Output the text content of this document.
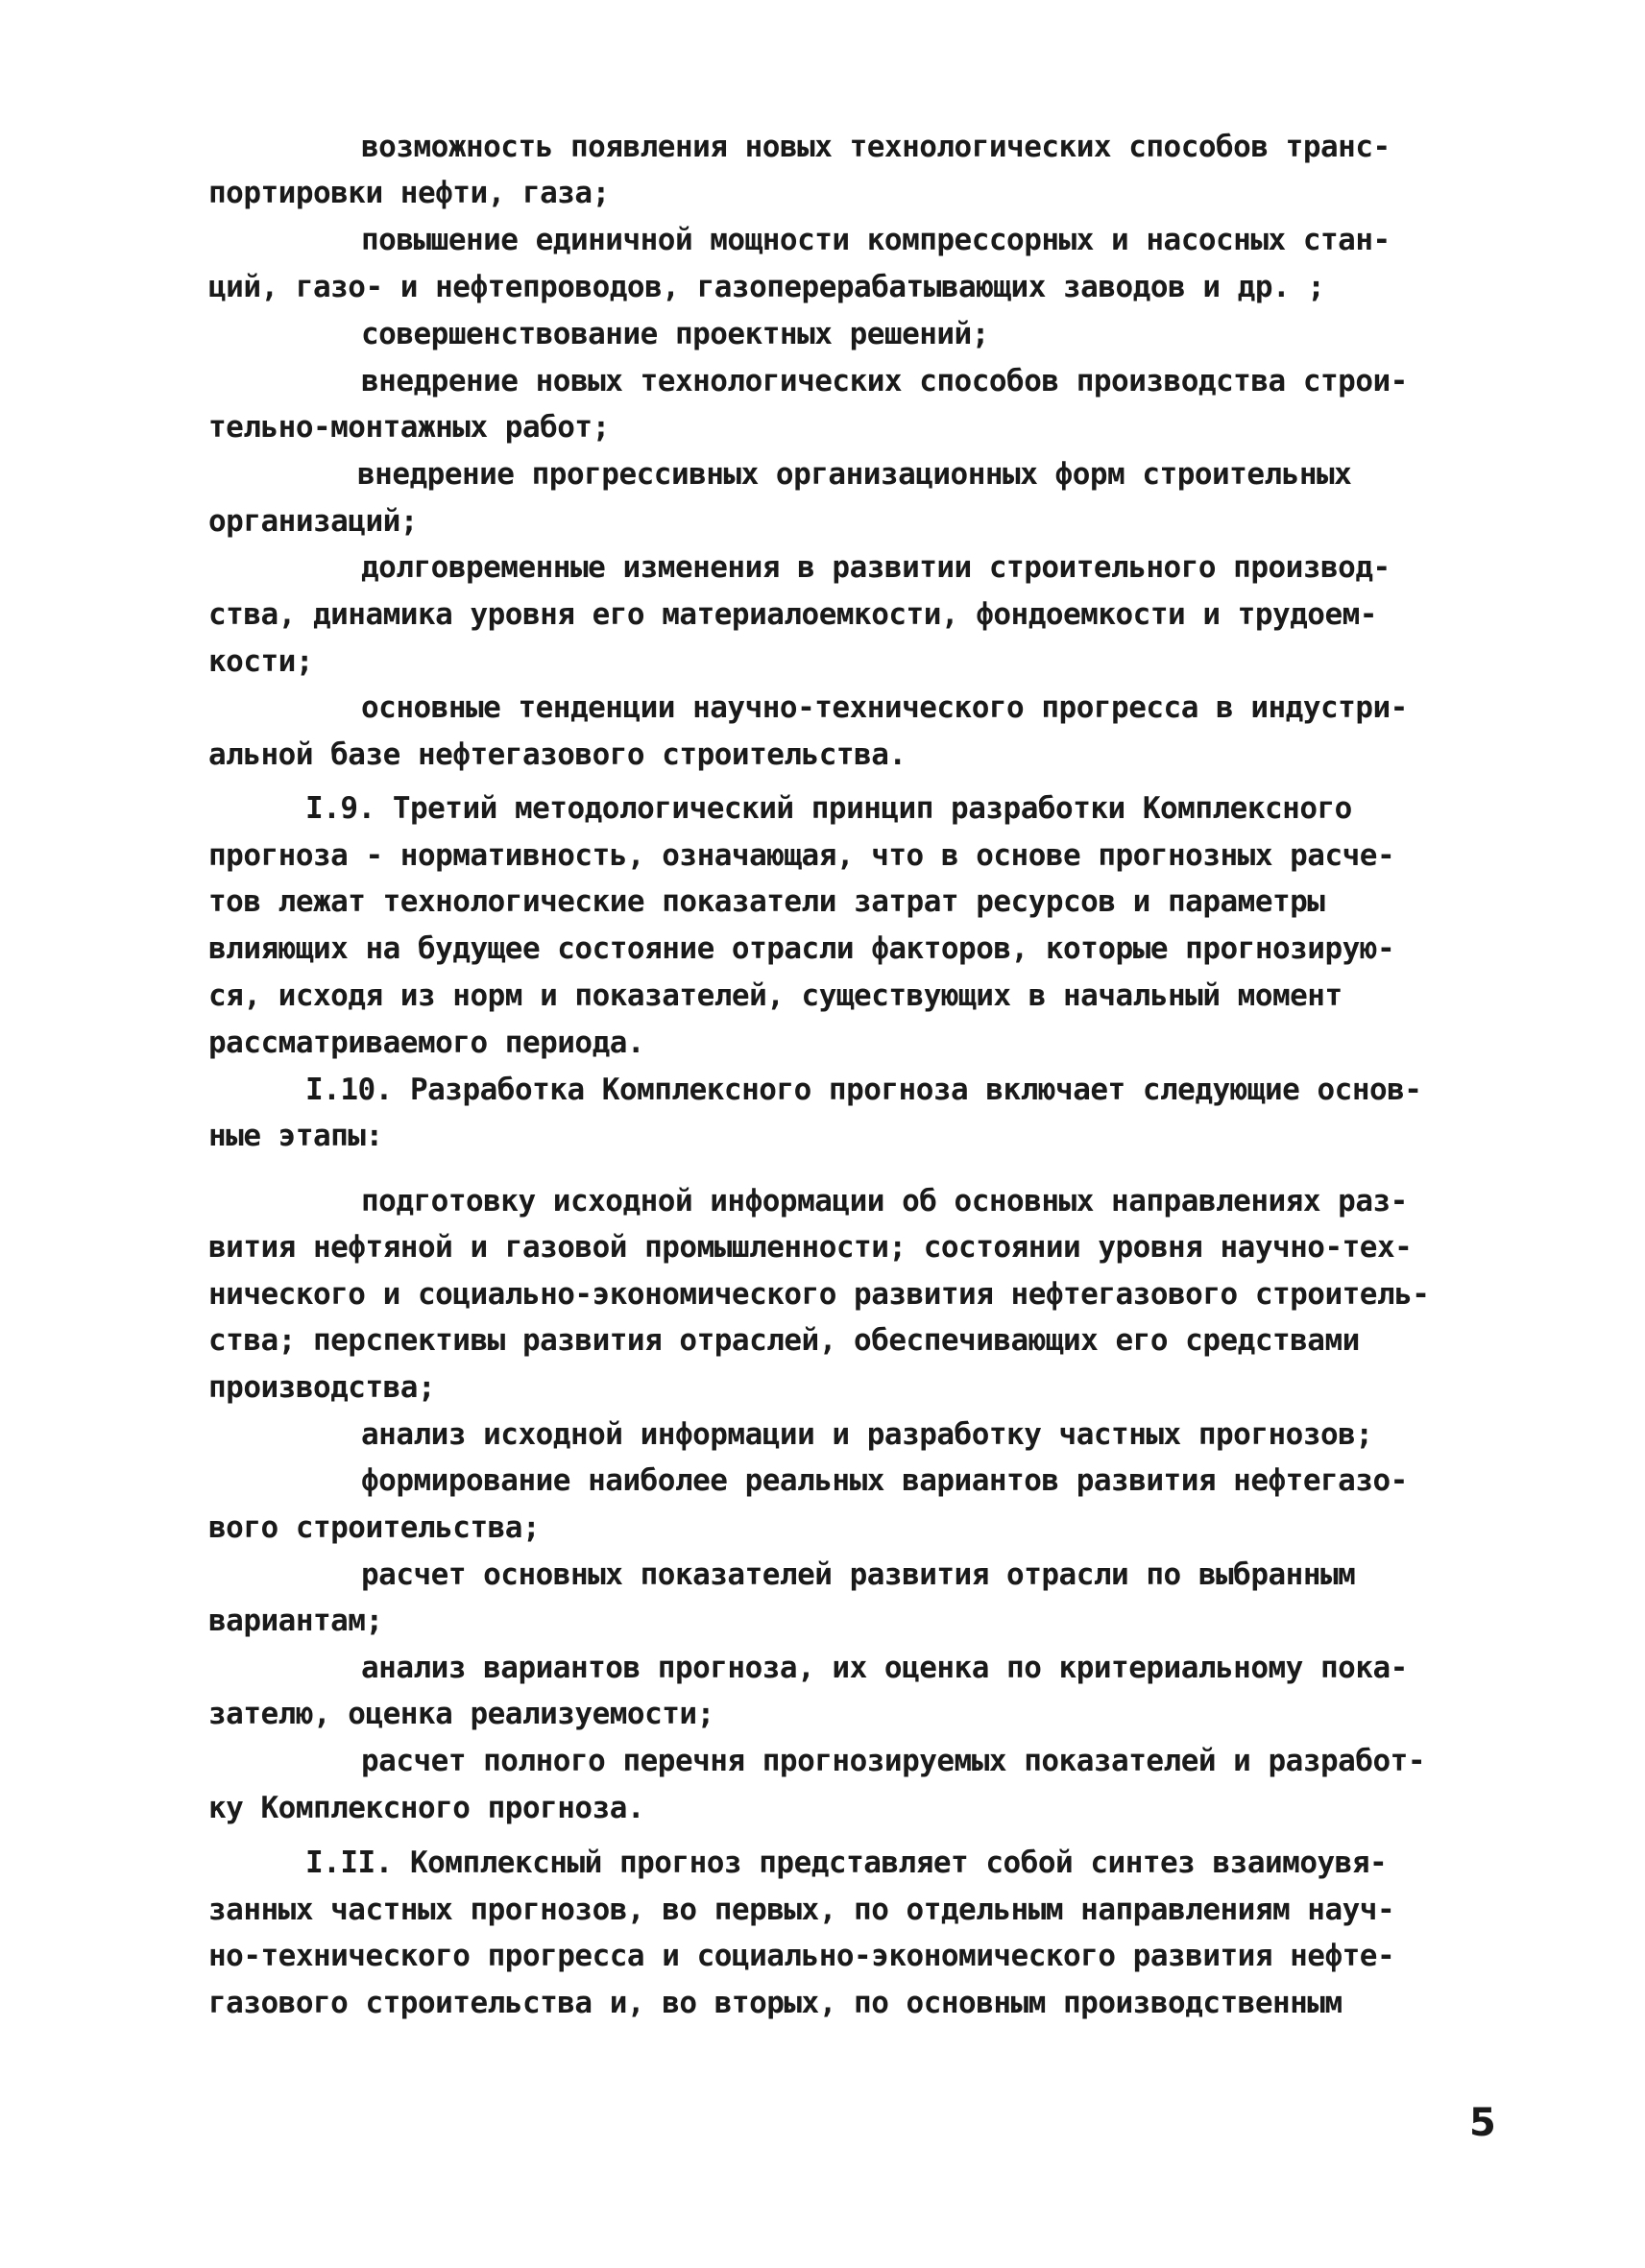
возможность появления новых технологических способов транс-

портировки нефти, газа;

повышение единичной мощности компрессорных и насосных стан-

ций, газо- и нефтепроводов, газоперерабатывающих заводов и др. ;

совершенствование проектных решений;

внедрение новых технологических способов производства строи-

тельно-монтажных работ;

внедрение прогрессивных организационных форм строительных

организаций;

долговременные изменения в развитии строительного производ-

ства, динамика уровня его материалоемкости, фондоемкости и трудоем-

кости;

основные тенденции научно-технического прогресса в индустри-

альной базе нефтегазового строительства.

I.9. Третий методологический принцип разработки Комплексного

прогноза - нормативность, означающая, что в основе прогнозных расче-

тов лежат технологические показатели затрат ресурсов и параметры

влияющих на будущее состояние отрасли факторов, которые прогнозирую-

ся, исходя из норм и показателей, существующих в начальный момент

рассматриваемого периода.

I.10. Разработка Комплексного прогноза включает следующие основ-

ные этапы:

подготовку исходной информации об основных направлениях раз-

вития нефтяной и газовой промышленности; состоянии уровня научно-тех-

нического и социально-экономического развития нефтегазового строитель-

ства; перспективы развития отраслей, обеспечивающих его средствами

производства;

анализ исходной информации и разработку частных прогнозов;

формирование наиболее реальных вариантов развития нефтегазо-

вого строительства;

расчет основных показателей развития отрасли по выбранным

вариантам;

анализ вариантов прогноза, их оценка по критериальному пока-

зателю, оценка реализуемости;

расчет полного перечня прогнозируемых показателей и разработ-

ку Комплексного прогноза.

I.II. Комплексный прогноз представляет собой синтез взаимоувя-

занных частных прогнозов, во первых, по отдельным направлениям науч-

но-технического прогресса и социально-экономического развития нефте-

газового строительства и, во вторых, по основным производственным

5
